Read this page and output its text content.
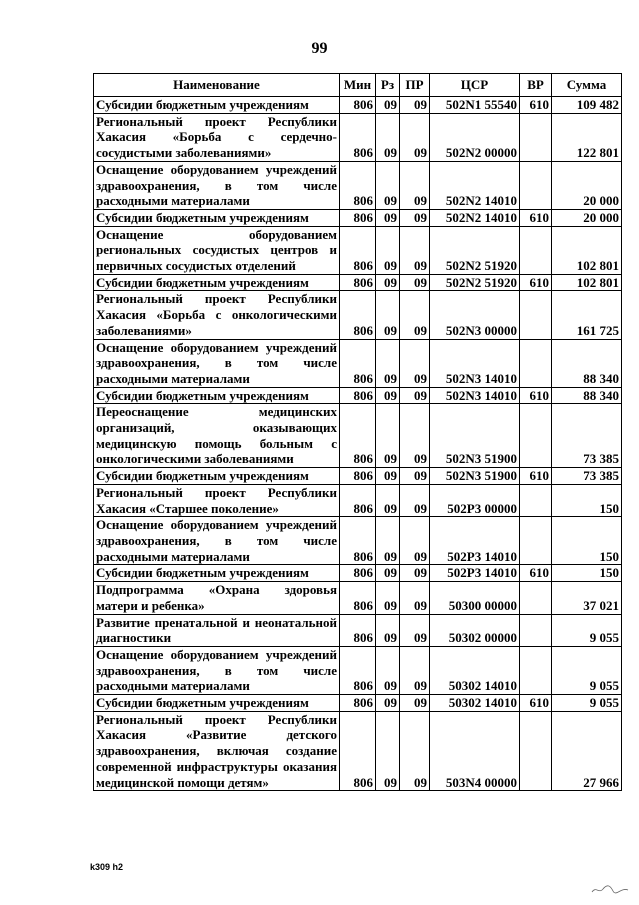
99
Наименование	Мин	Рз	ПР	ЦСР	ВР	Сумма
Субсидии бюджетным учреждениям	806	09	09	502N1 55540	610	109 482
Региональный проект Республики Хакасия «Борьба с сердечно-сосудистыми заболеваниями»	806	09	09	502N2 00000		122 801
Оснащение оборудованием учреждений здравоохранения, в том числе расходными материалами	806	09	09	502N2 14010		20 000
Субсидии бюджетным учреждениям	806	09	09	502N2 14010	610	20 000
Оснащение оборудованием региональных сосудистых центров и первичных сосудистых отделений	806	09	09	502N2 51920		102 801
Субсидии бюджетным учреждениям	806	09	09	502N2 51920	610	102 801
Региональный проект Республики Хакасия «Борьба с онкологическими заболеваниями»	806	09	09	502N3 00000		161 725
Оснащение оборудованием учреждений здравоохранения, в том числе расходными материалами	806	09	09	502N3 14010		88 340
Субсидии бюджетным учреждениям	806	09	09	502N3 14010	610	88 340
Переоснащение медицинских организаций, оказывающих медицинскую помощь больным с онкологическими заболеваниями	806	09	09	502N3 51900		73 385
Субсидии бюджетным учреждениям	806	09	09	502N3 51900	610	73 385
Региональный проект Республики Хакасия «Старшее поколение»	806	09	09	502P3 00000		150
Оснащение оборудованием учреждений здравоохранения, в том числе расходными материалами	806	09	09	502P3 14010		150
Субсидии бюджетным учреждениям	806	09	09	502P3 14010	610	150
Подпрограмма «Охрана здоровья матери и ребенка»	806	09	09	50300 00000		37 021
Развитие пренатальной и неонатальной диагностики	806	09	09	50302 00000		9 055
Оснащение оборудованием учреждений здравоохранения, в том числе расходными материалами	806	09	09	50302 14010		9 055
Субсидии бюджетным учреждениям	806	09	09	50302 14010	610	9 055
Региональный проект Республики Хакасия «Развитие детского здравоохранения, включая создание современной инфраструктуры оказания медицинской помощи детям»	806	09	09	503N4 00000		27 966
k309 h2
